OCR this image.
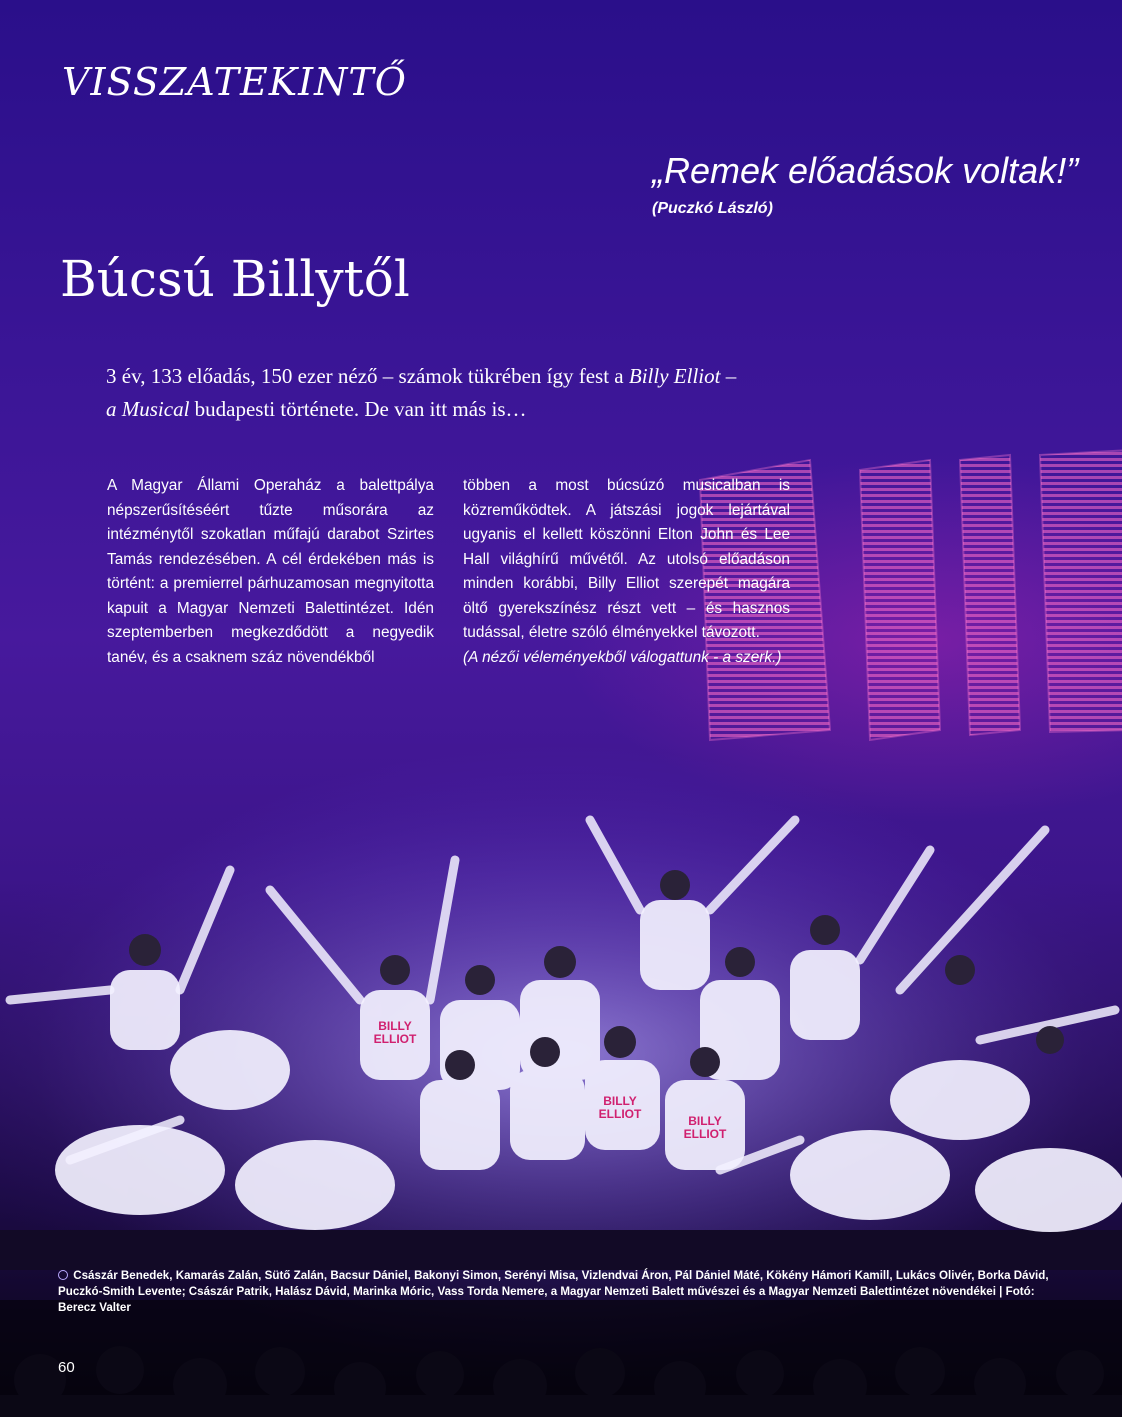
VISSZATEKINTŐ
„Remek előadások voltak!”
(Puczkó László)
Búcsú Billytől
3 év, 133 előadás, 150 ezer néző – számok tükrében így fest a Billy Elliot –
a Musical budapesti története. De van itt más is…

A Magyar Állami Operaház a balettpálya népszerűsítéséért tűzte műsorára az intézménytől szokatlan műfajú darabot Szirtes Tamás rendezésében. A cél érdekében más is történt: a premierrel párhuzamosan megnyitotta kapuit a Magyar Nemzeti Balettintézet. Idén szeptemberben megkezdődött a negyedik tanév, és a csaknem száz növendékből

többen a most búcsúzó musicalban is közreműködtek. A játszási jogok lejártával ugyanis el kellett köszönni Elton John és Lee Hall világhírű művétől. Az utolsó előadáson minden korábbi, Billy Elliot szerepét magára öltő gyerekszínész részt vett – és hasznos tudással, életre szóló élményekkel távozott.

(A nézői véleményekből válogattunk - a szerk.)

BILLY
ELLIOT
BILLY
ELLIOT	BILLY
ELLIOT
Császár Benedek, Kamarás Zalán, Sütő Zalán, Bacsur Dániel, Bakonyi Simon, Serényi Misa, Vizlendvai Áron, Pál Dániel Máté, Kökény Hámori Kamill, Lukács Olivér, Borka Dávid, Puczkó-Smith Levente; Császár Patrik, Halász Dávid, Marinka Móric, Vass Torda Nemere, a Magyar Nemzeti Balett művészei és a Magyar Nemzeti Balettintézet növendékei | Fotó: Berecz Valter
60
